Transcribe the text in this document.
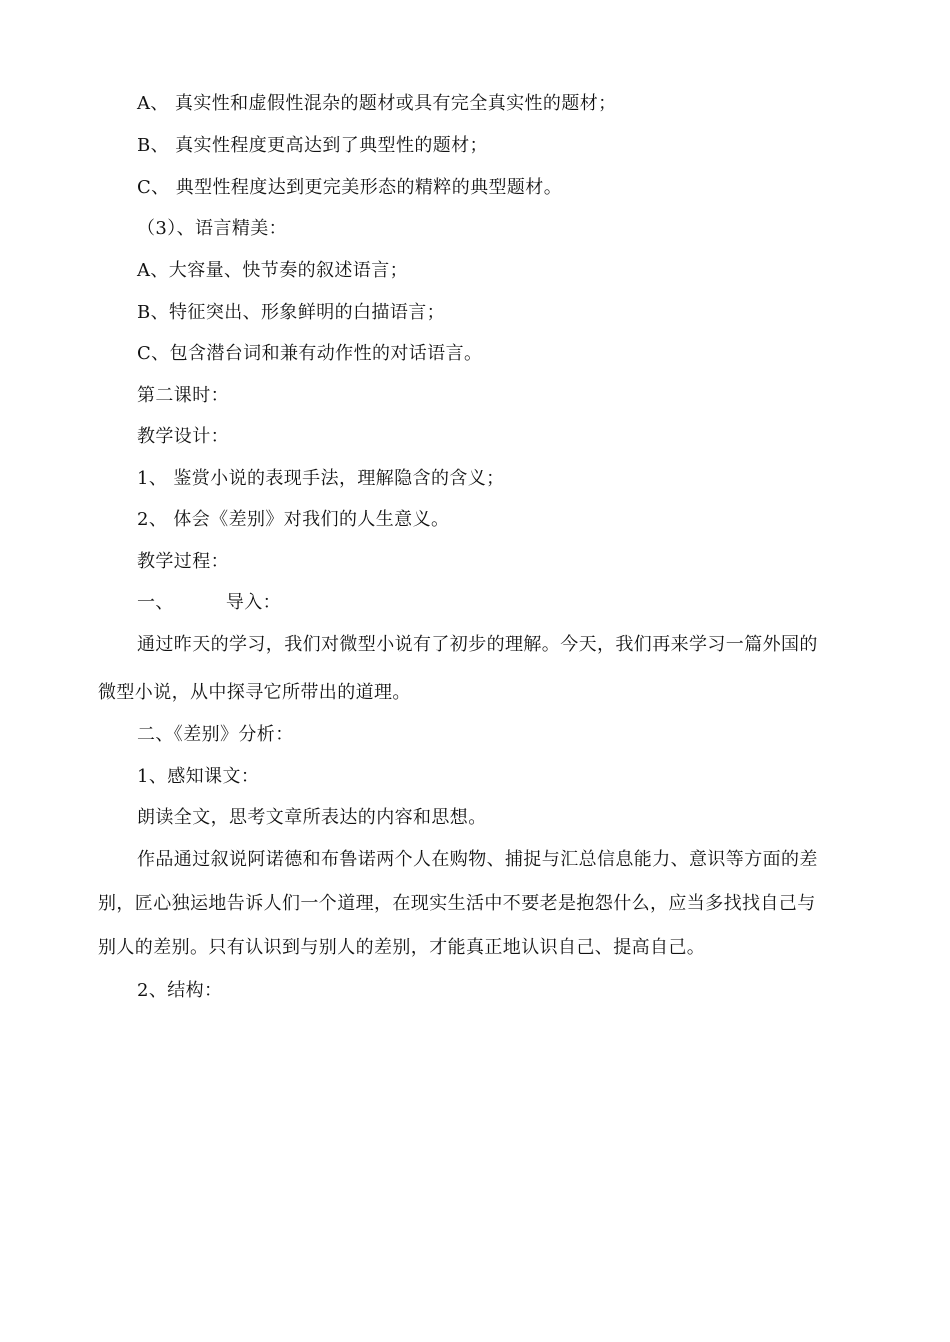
A、 真实性和虚假性混杂的题材或具有完全真实性的题材；
B、 真实性程度更高达到了典型性的题材；
C、 典型性程度达到更完美形态的精粹的典型题材。
（3）、语言精美：
A、大容量、快节奏的叙述语言；
B、特征突出、形象鲜明的白描语言；
C、包含潜台词和兼有动作性的对话语言。
第二课时：
教学设计：
1、 鉴赏小说的表现手法，理解隐含的含义；
2、 体会《差别》对我们的人生意义。
教学过程：
一、	导入：
通过昨天的学习，我们对微型小说有了初步的理解。今天，我们再来学习一篇外国的
微型小说，从中探寻它所带出的道理。
二、《差别》分析：
1、感知课文：
朗读全文，思考文章所表达的内容和思想。
作品通过叙说阿诺德和布鲁诺两个人在购物、捕捉与汇总信息能力、意识等方面的差
别，匠心独运地告诉人们一个道理，在现实生活中不要老是抱怨什么，应当多找找自己与
别人的差别。只有认识到与别人的差别，才能真正地认识自己、提高自己。
2、结构：
